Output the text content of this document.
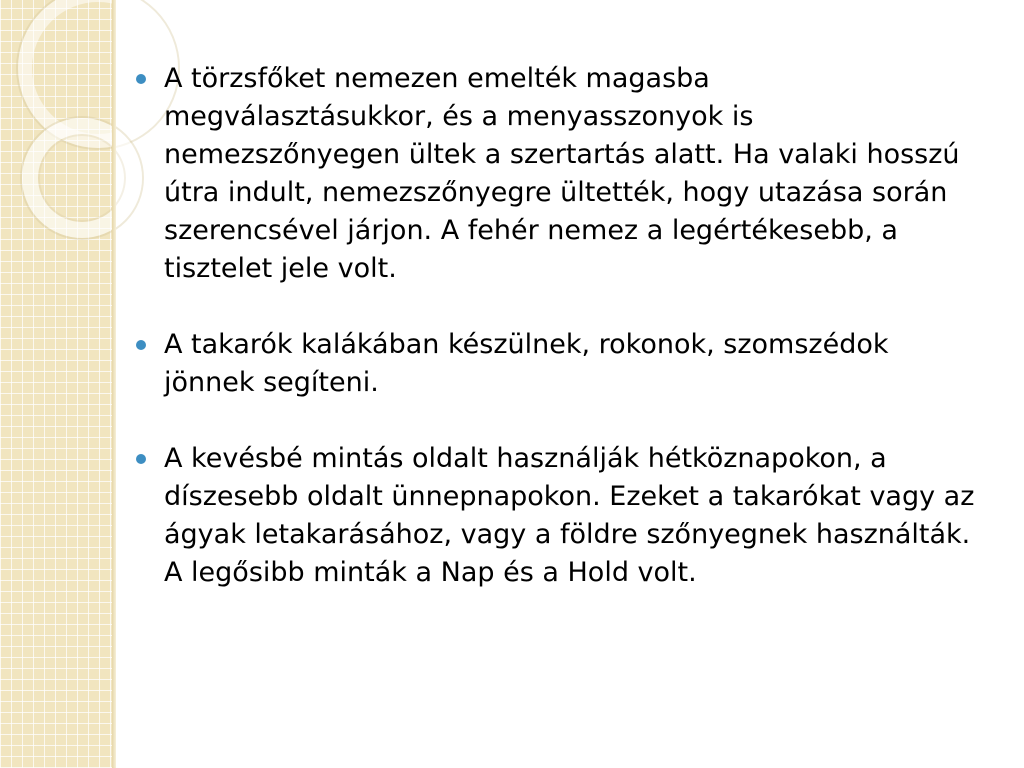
A törzsfőket nemezen emelték magasba megválasztásukkor, és a menyasszonyok is nemezszőnyegen ültek a szertartás alatt. Ha valaki hosszú útra indult, nemezszőnyegre ültették, hogy utazása során szerencsével járjon. A fehér nemez a legértékesebb, a tisztelet jele volt.
A takarók kalákában készülnek, rokonok, szomszédok jönnek segíteni.
A kevésbé mintás oldalt használják hétköznapokon, a díszesebb oldalt ünnepnapokon. Ezeket a takarókat vagy az ágyak letakarásához, vagy a földre szőnyegnek használták. A legősibb minták a Nap és a Hold volt.
